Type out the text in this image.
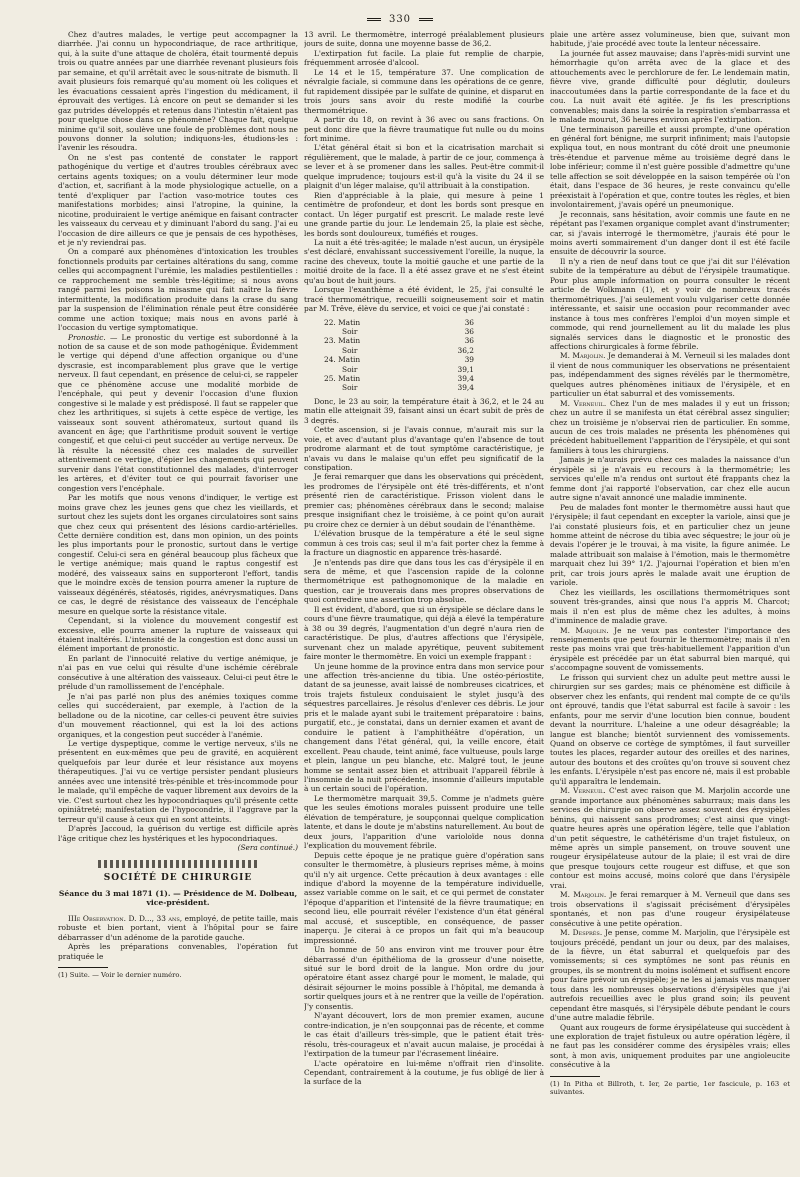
330

Chez d'autres malades, le vertige peut accompagner la diarrhée. J'ai connu un hypocondriaque, de race arthritique, qui, à la suite d'une attaque de choléra, était tourmenté depuis trois ou quatre années par une diarrhée revenant plusieurs fois par semaine, et qu'il arrêtait avec le sous-nitrate de bismuth. Il avait plusieurs fois remarqué qu'au moment où les coliques et les évacuations cessaient après l'ingestion du médicament, il éprouvait des vertiges. Là encore on peut se demander si les gaz putrides développés et retenus dans l'intestin n'étaient pas pour quelque chose dans ce phénomène? Chaque fait, quelque minime qu'il soit, soulève une foule de problèmes dont nous ne pouvons donner la solution; indiquons-les, étudions-les : l'avenir les résoudra.

On ne s'est pas contenté de constater le rapport pathogénique du vertige et d'autres troubles cérébraux avec certains agents toxiques; on a voulu déterminer leur mode d'action, et, sacrifiant à la mode physiologique actuelle, on a tenté d'expliquer par l'action vaso-motrice toutes ces manifestations morbides; ainsi l'atropine, la quinine, la nicotine, produiraient le vertige anémique en faisant contracter les vaisseaux du cerveau et y diminuant l'abord du sang. J'ai eu l'occasion de dire ailleurs ce que je pensais de ces hypothèses, et je n'y reviendrai pas.

On a comparé aux phénomènes d'intoxication les troubles fonctionnels produits par certaines altérations du sang, comme celles qui accompagnent l'urémie, les maladies pestilentielles : ce rapprochement me semble très-légitime; si nous avons rangé parmi les poisons la misasme qui fait naître la fièvre intermittente, la modification produite dans la crase du sang par la suspension de l'élimination rénale peut être considérée comme une action toxique; mais nous en avons parlé à l'occasion du vertige symptomatique.

Pronostic. — Le pronostic du vertige est subordonné à la notion de sa cause et de son mode pathogénique. Évidemment le vertige qui dépend d'une affection organique ou d'une dyscrasie, est incomparablement plus grave que le vertige nerveux. Il faut cependant, en présence de celui-ci, se rappeler que ce phénomène accuse une modalité morbide de l'encéphale, qui peut y devenir l'occasion d'une fluxion congestive si le malade y est prédisposé. Il faut se rappeler que chez les arthritiques, si sujets à cette espèce de vertige, les vaisseaux sont souvent athéromateux, surtout quand ils avancent en âge; que l'arthritisme produit souvent le vertige congestif, et que celui-ci peut succéder au vertige nerveux. De là résulte la nécessité chez ces malades de surveiller attentivement ce vertige, d'épier les changements qui peuvent survenir dans l'état constitutionnel des malades, d'interroger les artères, et d'éviter tout ce qui pourrait favoriser une congestion vers l'encéphale.

Par les motifs que nous venons d'indiquer, le vertige est moins grave chez les jeunes gens que chez les vieillards, et surtout chez les sujets dont les organes circulatoires sont sains que chez ceux qui présentent des lésions cardio-artérielles. Cette dernière condition est, dans mon opinion, un des points les plus importants pour le pronostic, surtout dans le vertige congestif. Celui-ci sera en général beaucoup plus fâcheux que le vertige anémique; mais quand le raptus congestif est modéré, des vaisseaux sains en supporteront l'effort, tandis que le moindre excès de tension pourra amener la rupture de vaisseaux dégénérés, stéatosés, rigides, anévrysmatiques. Dans ce cas, le degré de résistance des vaisseaux de l'encéphale mesure en quelque sorte la résistance vitale.

Cependant, si la violence du mouvement congestif est excessive, elle pourra amener la rupture de vaisseaux qui étaient inaltérés. L'intensité de la congestion est donc aussi un élément important de pronostic.

En parlant de l'innocuité relative du vertige anémique, je n'ai pas en vue celui qui résulte d'une ischémie cérébrale consécutive à une altération des vaisseaux. Celui-ci peut être le prélude d'un ramollissement de l'encéphale.

Je n'ai pas parlé non plus des anémies toxiques comme celles qui succéderaient, par exemple, à l'action de la belladone ou de la nicotine, car celles-ci peuvent être suivies d'un mouvement réactionnel, qui est la loi des actions organiques, et la congestion peut succéder à l'anémie.

Le vertige dyspeptique, comme le vertige nerveux, s'ils ne présentent en eux-mêmes que peu de gravité, en acquièrent quelquefois par leur durée et leur résistance aux moyens thérapeutiques. J'ai vu ce vertige persister pendant plusieurs années avec une intensité très-pénible et très-incommode pour le malade, qu'il empêche de vaquer librement aux devoirs de la vie. C'est surtout chez les hypocondriaques qu'il présente cette opiniâtreté; manifestation de l'hypocondrie, il l'aggrave par la terreur qu'il cause à ceux qui en sont atteints.

D'après Jaccoud, la guérison du vertige est difficile après l'âge critique chez les hystériques et les hypocondriaques.

(Sera continué.)

SOCIÉTÉ DE CHIRURGIE
Séance du 3 mai 1871 (1). — Présidence de M. Dolbeau, vice-président.

IIIe Observation. D. D..., 33 ans, employé, de petite taille, mais robuste et bien portant, vient à l'hôpital pour se faire débarrasser d'un adénome de la parotide gauche.

Après les préparations convenables, l'opération fut pratiquée le

(1) Suite. — Voir le dernier numéro.

13 avril. Le thermomètre, interrogé préalablement plusieurs jours de suite, donna une moyenne basse de 36,2.

L'extirpation fut facile. La plaie fut remplie de charpie, fréquemment arrosée d'alcool.

Le 14 et le 15, température 37. Une complication de névralgie faciale, si commune dans les opérations de ce genre, fut rapidement dissipée par le sulfate de quinine, et disparut en trois jours sans avoir du reste modifié la courbe thermométrique.

A partir du 18, on revint à 36 avec ou sans fractions. On peut donc dire que la fièvre traumatique fut nulle ou du moins fort minime.

L'état général était si bon et la cicatrisation marchait si régulièrement, que le malade, à partir de ce jour, commença à se lever et à se promener dans les salles. Peut-être commit-il quelque imprudence; toujours est-il qu'à la visite du 24 il se plaignit d'un léger malaise, qu'il attribuait à la constipation.

Rien d'appréciable à la plaie, qui mesure à peine 1 centimètre de profondeur, et dont les bords sont presque en contact. Un léger purgatif est prescrit. Le malade reste levé une grande partie du jour. Le lendemain 25, la plaie est sèche, les bords sont douloureux, tuméfiés et rouges.

La nuit a été très-agitée; le malade n'est aucun, un érysipèle s'est déclaré, envahissant successivement l'oreille, la nuque, la racine des cheveux, toute la moitié gauche et une partie de la moitié droite de la face. Il a été assez grave et ne s'est éteint qu'au bout de huit jours.

Lorsque l'exanthème a été évident, le 25, j'ai consulté le tracé thermométrique, recueilli soigneusement soir et matin par M. Trêve, élève du service, et voici ce que j'ai constaté :

22. Matin	36
Soir	36
23. Matin	36
Soir	36,2
24. Matin	39
Soir	39,1
25. Matin	39,4
Soir	39,4

Donc, le 23 au soir, la température était à 36,2, et le 24 au matin elle atteignait 39, faisant ainsi un écart subit de près de 3 degrés.

Cette ascension, si je l'avais connue, m'aurait mis sur la voie, et avec d'autant plus d'avantage qu'en l'absence de tout prodrome alarmant et de tout symptôme caractéristique, je n'avais vu dans le malaise qu'un effet peu significatif de la constipation.

Je ferai remarquer que dans les observations qui précèdent, les prodromes de l'érysipèle ont été très-différents, et n'ont présenté rien de caractéristique. Frisson violent dans le premier cas; phénomènes cérébraux dans le second; malaise presque insignifiant chez le troisième, à ce point qu'on aurait pu croire chez ce dernier à un début soudain de l'énanthème.

L'élévation brusque de la température a été le seul signe commun à ces trois cas; seul il m'a fait porter chez la femme à la fracture un diagnostic en apparence très-hasardé.

Je n'entends pas dire que dans tous les cas d'érysipèle il en sera de même, et que l'ascension rapide de la colonne thermométrique est pathognomonique de la maladie en question, car je trouverais dans mes propres observations de quoi contredire une assertion trop absolue.

Il est évident, d'abord, que si un érysipèle se déclare dans le cours d'une fièvre traumatique, qui déjà a élevé la température à 38 ou 39 degrés, l'augmentation d'un degré n'aura rien de caractéristique. De plus, d'autres affections que l'érysipèle, survenant chez un malade apyrétique, peuvent subitement faire monter le thermomètre. En voici un exemple frappant :

Un jeune homme de la province entra dans mon service pour une affection très-ancienne du tibia. Une ostéo-périostite, datant de sa jeunesse, avait laissé de nombreuses cicatrices, et trois trajets fistuleux conduisaient le stylet jusqu'à des séquestres parcellaires. Je résolus d'enlever ces débris. Le jour pris et le malade ayant subi le traitement préparatoire : bains, purgatif, etc., je constatai, dans un dernier examen et avant de conduire le patient à l'amphithéâtre d'opération, un changement dans l'état général, qui, la veille encore, était excellent. Peau chaude, teint animé, face vultueuse, pouls large et plein, langue un peu blanche, etc. Malgré tout, le jeune homme se sentait assez bien et attribuait l'appareil fébrile à l'insomnie de la nuit précédente, insomnie d'ailleurs imputable à un certain souci de l'opération.

Le thermomètre marquait 39,5. Comme je n'admets guère que les seules émotions morales puissent produire une telle élévation de température, je soupçonnai quelque complication latente, et dans le doute je m'abstins naturellement. Au bout de deux jours, l'apparition d'une varioloïde nous donna l'explication du mouvement fébrile.

Depuis cette époque je ne pratique guère d'opération sans consulter le thermomètre, à plusieurs reprises même, à moins qu'il n'y ait urgence. Cette précaution à deux avantages : elle indique d'abord la moyenne de la température individuelle, assez variable comme on le sait, et ce qui permet de constater l'époque d'apparition et l'intensité de la fièvre traumatique; en second lieu, elle pourrait révéler l'existence d'un état général mal accusé, et susceptible, en conséquence, de passer inaperçu. Je citerai à ce propos un fait qui m'a beaucoup impressionné.

Un homme de 50 ans environ vint me trouver pour être débarrassé d'un épithélioma de la grosseur d'une noisette, situé sur le bord droit de la langue. Mon ordre du jour opératoire étant assez chargé pour le moment, le malade, qui désirait séjourner le moins possible à l'hôpital, me demanda à sortir quelques jours et à ne rentrer que la veille de l'opération. J'y consentis.

N'ayant découvert, lors de mon premier examen, aucune contre-indication, je n'en soupçonnai pas de récente, et comme le cas était d'ailleurs très-simple, que le patient était très-résolu, très-courageux et n'avait aucun malaise, je procédai à l'extirpation de la tumeur par l'écrasement linéaire.

L'acte opératoire en lui-même n'offrait rien d'insolite. Cependant, contrairement à la coutume, je fus obligé de lier à la surface de la

plaie une artère assez volumineuse, bien que, suivant mon habitude, j'aie procédé avec toute la lenteur nécessaire.

La journée fut assez mauvaise; dans l'après-midi survint une hémorrhagie qu'on arrêta avec de la glace et des attouchements avec le perchlorure de fer. Le lendemain matin, fièvre vive, grande difficulté pour déglutir, douleurs inaccoutumées dans la partie correspondante de la face et du cou. La nuit avait été agitée. Je fis les prescriptions convenables; mais dans la soirée la respiration s'embarrassa et le malade mourut, 36 heures environ après l'extirpation.

Une terminaison pareille et aussi prompte, d'une opération en général fort bénigne, me surprit infiniment; mais l'autopsie expliqua tout, en nous montrant du côté droit une pneumonie très-étendue et parvenue même au troisième degré dans le lobe inférieur; comme il n'est guère possible d'admettre qu'une telle affection se soit développée en la saison tempérée où l'on était, dans l'espace de 36 heures, je reste convaincu qu'elle préexistait à l'opération et que, contre toutes les règles, et bien involontairement, j'avais opéré un pneumonique.

Je reconnais, sans hésitation, avoir commis une faute en ne répétant pas l'examen organique complet avant d'instrumenter; car, si j'avais interrogé le thermomètre, j'aurais été pour le moins averti sommairement d'un danger dont il est été facile ensuite de découvrir la source.

Il n'y a rien de neuf dans tout ce que j'ai dit sur l'élévation subite de la température au début de l'érysipèle traumatique. Pour plus ample information on pourra consulter le récent article de Wolkmann (1), et y voir de nombreux tracés thermométriques. J'ai seulement voulu vulgariser cette donnée intéressante, et saisir une occasion pour recommander avec instance à tous mes confrères l'emploi d'un moyen simple et commode, qui rend journellement au lit du malade les plus signalés services dans le diagnostic et le pronostic des affections chirurgicales à forme fébrile.

M. Marjolin. Je demanderai à M. Verneuil si les malades dont il vient de nous communiquer les observations ne présentaient pas, indépendamment des signes révélés par le thermomètre, quelques autres phénomènes initiaux de l'érysipèle, et en particulier un état saburral et des vomissements.

M. Verneuil. Chez l'un de mes malades il y eut un frisson; chez un autre il se manifesta un état cérébral assez singulier; chez un troisième je n'observai rien de particulier. En somme, aucun de ces trois malades ne présenta les phénomènes qui précèdent habituellement l'apparition de l'érysipèle, et qui sont familiers à tous les chirurgiens.

Jamais je n'aurais prévu chez ces malades la naissance d'un érysipèle si je n'avais eu recours à la thermométrie; les services qu'elle m'a rendus ont surtout été frappants chez la femme dont j'ai rapporté l'observation, car chez elle aucun autre signe n'avait annoncé une maladie imminente.

Peu de malades font monter le thermomètre aussi haut que l'érysipèle; il faut cependant en excepter la variole, ainsi que je l'ai constaté plusieurs fois, et en particulier chez un jeune homme atteint de nécrose du tibia avec séquestre; le jour où je devais l'opérer je le trouvai, à ma visite, la figure animée. Le malade attribuait son malaise à l'émotion, mais le thermomètre marquait chez lui 39° 1/2. J'ajournai l'opération et bien m'en prit, car trois jours après le malade avait une éruption de variole.

Chez les vieillards, les oscillations thermométriques sont souvent très-grandes, ainsi que nous l'a appris M. Charcot; mais il n'en est plus de même chez les adultes, à moins d'imminence de maladie grave.

M. Marjolin. Je ne veux pas contester l'importance des renseignements que peut fournir le thermomètre; mais il n'en reste pas moins vrai que très-habituellement l'apparition d'un érysipèle est précédée par un état saburral bien marqué, qui s'accompagne souvent de vomissements.

Le frisson qui survient chez un adulte peut mettre aussi le chirurgien sur ses gardes; mais ce phénomène est difficile à observer chez les enfants, qui rendent mal compte de ce qu'ils ont éprouvé, tandis que l'état saburral est facile à savoir : les enfants, pour me servir d'une locution bien connue, boudent devant la nourriture. L'haleine a une odeur désagréable; la langue est blanche; bientôt surviennent des vomissements. Quand on observe ce cortège de symptômes, il faut surveiller toutes les places, regarder autour des oreilles et des narines, autour des boutons et des croûtes qu'on trouve si souvent chez les enfants. L'érysipèle n'est pas encore né, mais il est probable qu'il apparaîtra le lendemain.

M. Verneuil. C'est avec raison que M. Marjolin accorde une grande importance aux phénomènes saburraux; mais dans les services de chirurgie on observe assez souvent des érysipèles bénins, qui naissent sans prodromes; c'est ainsi que vingt-quatre heures après une opération légère, telle que l'ablation d'un petit séquestre, le cathétérisme d'un trajet fistuleux, on même après un simple pansement, on trouve souvent une rougeur érysipélateuse autour de la plaie; il est vrai de dire que presque toujours cette rougeur est diffuse, et que son contour est moins accusé, moins coloré que dans l'érysipèle vrai.

M. Marjolin. Je ferai remarquer à M. Verneuil que dans ses trois observations il s'agissait précisément d'érysipèles spontanés, et non pas d'une rougeur érysipélateuse consécutive à une petite opération.

M. Desprès. Je pense, comme M. Marjolin, que l'érysipèle est toujours précédé, pendant un jour ou deux, par des malaises, de la fièvre, un état saburral et quelquefois par des vomissements; si ces symptômes ne sont pas réunis en groupes, ils se montrent du moins isolément et suffisent encore pour faire prévoir un érysipèle; je ne les ai jamais vus manquer tous dans les nombreuses observations d'érysipèles que j'ai autrefois recueillies avec le plus grand soin; ils peuvent cependant être masqués, si l'érysipèle débute pendant le cours d'une autre maladie fébrile.

Quant aux rougeurs de forme érysipélateuse qui succèdent à une exploration de trajet fistuleux ou autre opération légère, il ne faut pas les considérer comme des érysipèles vrais; elles sont, à mon avis, uniquement produites par une angioleucite consécutive à la

(1) In Pitha et Billroth, t. Ier, 2e partie, 1er fascicule, p. 163 et suivantes.
